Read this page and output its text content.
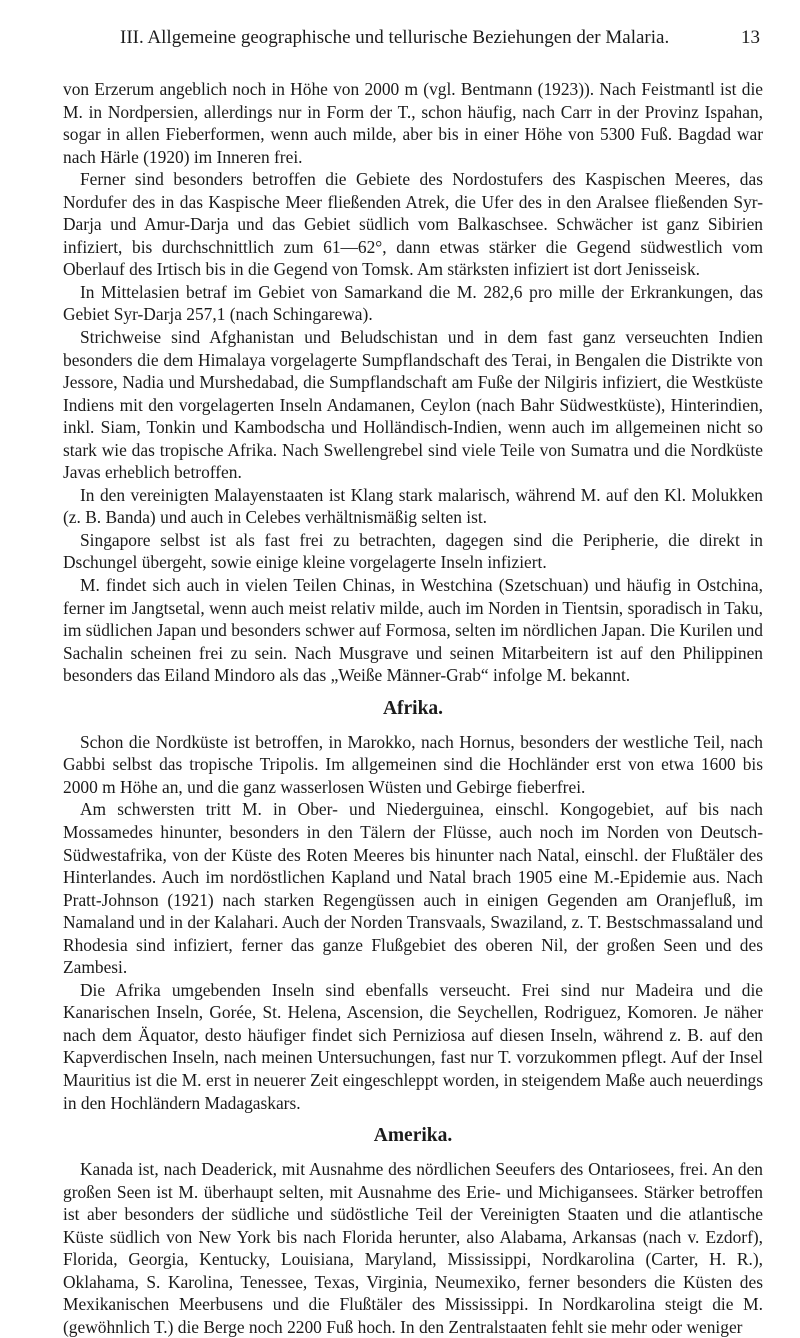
III. Allgemeine geographische und tellurische Beziehungen der Malaria.	13

von Erzerum angeblich noch in Höhe von 2000 m (vgl. Bentmann (1923)). Nach Feistmantl ist die M. in Nordpersien, allerdings nur in Form der T., schon häufig, nach Carr in der Provinz Ispahan, sogar in allen Fieberformen, wenn auch milde, aber bis in einer Höhe von 5300 Fuß. Bagdad war nach Härle (1920) im Inneren frei.

Ferner sind besonders betroffen die Gebiete des Nordostufers des Kaspischen Meeres, das Nordufer des in das Kaspische Meer fließenden Atrek, die Ufer des in den Aralsee fließenden Syr-Darja und Amur-Darja und das Gebiet südlich vom Balkaschsee. Schwächer ist ganz Sibirien infiziert, bis durchschnittlich zum 61—62°, dann etwas stärker die Gegend südwestlich vom Oberlauf des Irtisch bis in die Gegend von Tomsk. Am stärksten infiziert ist dort Jenisseisk.

In Mittelasien betraf im Gebiet von Samarkand die M. 282,6 pro mille der Erkrankungen, das Gebiet Syr-Darja 257,1 (nach Schingarewa).

Strichweise sind Afghanistan und Beludschistan und in dem fast ganz verseuchten Indien besonders die dem Himalaya vorgelagerte Sumpflandschaft des Terai, in Bengalen die Distrikte von Jessore, Nadia und Murshedabad, die Sumpflandschaft am Fuße der Nilgiris infiziert, die Westküste Indiens mit den vorgelagerten Inseln Andamanen, Ceylon (nach Bahr Südwestküste), Hinterindien, inkl. Siam, Tonkin und Kambodscha und Holländisch-Indien, wenn auch im allgemeinen nicht so stark wie das tropische Afrika. Nach Swellengrebel sind viele Teile von Sumatra und die Nordküste Javas erheblich betroffen.

In den vereinigten Malayenstaaten ist Klang stark malarisch, während M. auf den Kl. Molukken (z. B. Banda) und auch in Celebes verhältnismäßig selten ist.

Singapore selbst ist als fast frei zu betrachten, dagegen sind die Peripherie, die direkt in Dschungel übergeht, sowie einige kleine vorgelagerte Inseln infiziert.

M. findet sich auch in vielen Teilen Chinas, in Westchina (Szetschuan) und häufig in Ostchina, ferner im Jangtsetal, wenn auch meist relativ milde, auch im Norden in Tientsin, sporadisch in Taku, im südlichen Japan und besonders schwer auf Formosa, selten im nördlichen Japan. Die Kurilen und Sachalin scheinen frei zu sein. Nach Musgrave und seinen Mitarbeitern ist auf den Philippinen besonders das Eiland Mindoro als das „Weiße Männer-Grab“ infolge M. bekannt.

Afrika.

Schon die Nordküste ist betroffen, in Marokko, nach Hornus, besonders der westliche Teil, nach Gabbi selbst das tropische Tripolis. Im allgemeinen sind die Hochländer erst von etwa 1600 bis 2000 m Höhe an, und die ganz wasserlosen Wüsten und Gebirge fieberfrei.

Am schwersten tritt M. in Ober- und Niederguinea, einschl. Kongogebiet, auf bis nach Mossamedes hinunter, besonders in den Tälern der Flüsse, auch noch im Norden von Deutsch-Südwestafrika, von der Küste des Roten Meeres bis hinunter nach Natal, einschl. der Flußtäler des Hinterlandes. Auch im nordöstlichen Kapland und Natal brach 1905 eine M.-Epidemie aus. Nach Pratt-Johnson (1921) nach starken Regengüssen auch in einigen Gegenden am Oranjefluß, im Namaland und in der Kalahari. Auch der Norden Transvaals, Swaziland, z. T. Bestschmassaland und Rhodesia sind infiziert, ferner das ganze Flußgebiet des oberen Nil, der großen Seen und des Zambesi.

Die Afrika umgebenden Inseln sind ebenfalls verseucht. Frei sind nur Madeira und die Kanarischen Inseln, Gorée, St. Helena, Ascension, die Seychellen, Rodriguez, Komoren. Je näher nach dem Äquator, desto häufiger findet sich Perniziosa auf diesen Inseln, während z. B. auf den Kapverdischen Inseln, nach meinen Untersuchungen, fast nur T. vorzukommen pflegt. Auf der Insel Mauritius ist die M. erst in neuerer Zeit eingeschleppt worden, in steigendem Maße auch neuerdings in den Hochländern Madagaskars.

Amerika.

Kanada ist, nach Deaderick, mit Ausnahme des nördlichen Seeufers des Ontariosees, frei. An den großen Seen ist M. überhaupt selten, mit Ausnahme des Erie- und Michigansees. Stärker betroffen ist aber besonders der südliche und südöstliche Teil der Vereinigten Staaten und die atlantische Küste südlich von New York bis nach Florida herunter, also Alabama, Arkansas (nach v. Ezdorf), Florida, Georgia, Kentucky, Louisiana, Maryland, Mississippi, Nordkarolina (Carter, H. R.), Oklahama, S. Karolina, Tenessee, Texas, Virginia, Neumexiko, ferner besonders die Küsten des Mexikanischen Meerbusens und die Flußtäler des Mississippi. In Nordkarolina steigt die M. (gewöhnlich T.) die Berge noch 2200 Fuß hoch. In den Zentralstaaten fehlt sie mehr oder weniger
